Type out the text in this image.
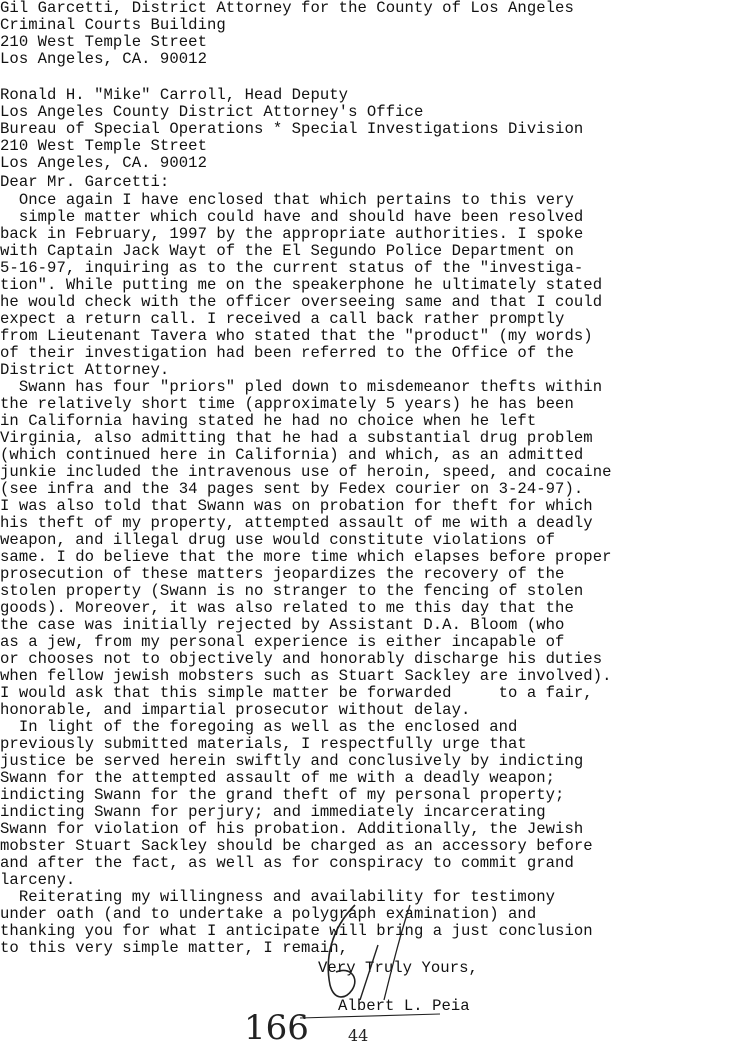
Gil Garcetti, District Attorney for the County of Los Angeles
Criminal Courts Building
210 West Temple Street
Los Angeles, CA. 90012
Ronald H. "Mike" Carroll, Head Deputy
Los Angeles County District Attorney's Office
Bureau of Special Operations * Special Investigations Division
210 West Temple Street
Los Angeles, CA. 90012
Dear Mr. Garcetti:
Once again I have enclosed that which pertains to this very
simple matter which could have and should have been resolved
back in February, 1997 by the appropriate authorities. I spoke
with Captain Jack Wayt of the El Segundo Police Department on
5-16-97, inquiring as to the current status of the "investiga-
tion". While putting me on the speakerphone he ultimately stated
he would check with the officer overseeing same and that I could
expect a return call. I received a call back rather promptly
from Lieutenant Tavera who stated that the "product" (my words)
of their investigation had been referred to the Office of the
District Attorney.
Swann has four "priors" pled down to misdemeanor thefts within
the relatively short time (approximately 5 years) he has been
in California having stated he had no choice when he left
Virginia, also admitting that he had a substantial drug problem
(which continued here in California) and which, as an admitted
junkie included the intravenous use of heroin, speed, and cocaine
(see infra and the 34 pages sent by Fedex courier on 3-24-97).
I was also told that Swann was on probation for theft for which
his theft of my property, attempted assault of me with a deadly
weapon, and illegal drug use would constitute violations of
same. I do believe that the more time which elapses before proper
prosecution of these matters jeopardizes the recovery of the
stolen property (Swann is no stranger to the fencing of stolen
goods). Moreover, it was also related to me this day that the
the case was initially rejected by Assistant D.A. Bloom (who
as a jew, from my personal experience is either incapable of
or chooses not to objectively and honorably discharge his duties
when fellow jewish mobsters such as Stuart Sackley are involved).
I would ask that this simple matter be forwarded     to a fair,
honorable, and impartial prosecutor without delay.
In light of the foregoing as well as the enclosed and
previously submitted materials, I respectfully urge that
justice be served herein swiftly and conclusively by indicting
Swann for the attempted assault of me with a deadly weapon;
indicting Swann for the grand theft of my personal property;
indicting Swann for perjury; and immediately incarcerating
Swann for violation of his probation. Additionally, the Jewish
mobster Stuart Sackley should be charged as an accessory before
and after the fact, as well as for conspiracy to commit grand
larceny.
Reiterating my willingness and availability for testimony
under oath (and to undertake a polygraph examination) and
thanking you for what I anticipate will bring a just conclusion
to this very simple matter, I remain,
Very Truly Yours,
Albert L. Peia
166 44
